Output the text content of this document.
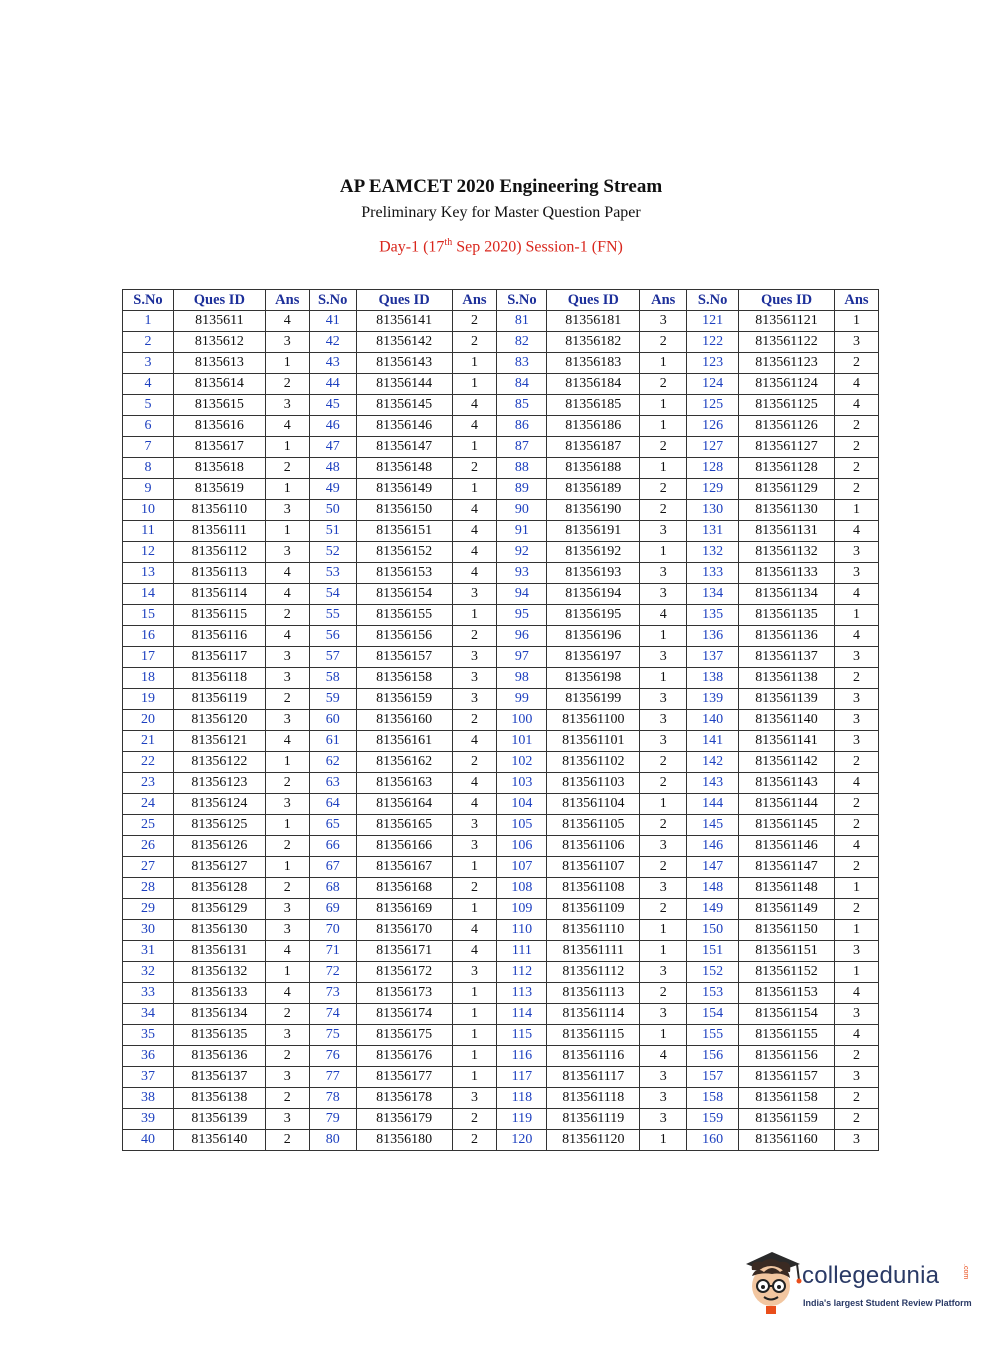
AP EAMCET 2020 Engineering Stream
Preliminary Key for Master Question Paper
Day-1 (17th Sep 2020) Session-1 (FN)
S.No	Ques ID	Ans	S.No	Ques ID	Ans	S.No	Ques ID	Ans	S.No	Ques ID	Ans
1	8135611	4	41	81356141	2	81	81356181	3	121	813561121	1
2	8135612	3	42	81356142	2	82	81356182	2	122	813561122	3
3	8135613	1	43	81356143	1	83	81356183	1	123	813561123	2
4	8135614	2	44	81356144	1	84	81356184	2	124	813561124	4
5	8135615	3	45	81356145	4	85	81356185	1	125	813561125	4
6	8135616	4	46	81356146	4	86	81356186	1	126	813561126	2
7	8135617	1	47	81356147	1	87	81356187	2	127	813561127	2
8	8135618	2	48	81356148	2	88	81356188	1	128	813561128	2
9	8135619	1	49	81356149	1	89	81356189	2	129	813561129	2
10	81356110	3	50	81356150	4	90	81356190	2	130	813561130	1
11	81356111	1	51	81356151	4	91	81356191	3	131	813561131	4
12	81356112	3	52	81356152	4	92	81356192	1	132	813561132	3
13	81356113	4	53	81356153	4	93	81356193	3	133	813561133	3
14	81356114	4	54	81356154	3	94	81356194	3	134	813561134	4
15	81356115	2	55	81356155	1	95	81356195	4	135	813561135	1
16	81356116	4	56	81356156	2	96	81356196	1	136	813561136	4
17	81356117	3	57	81356157	3	97	81356197	3	137	813561137	3
18	81356118	3	58	81356158	3	98	81356198	1	138	813561138	2
19	81356119	2	59	81356159	3	99	81356199	3	139	813561139	3
20	81356120	3	60	81356160	2	100	813561100	3	140	813561140	3
21	81356121	4	61	81356161	4	101	813561101	3	141	813561141	3
22	81356122	1	62	81356162	2	102	813561102	2	142	813561142	2
23	81356123	2	63	81356163	4	103	813561103	2	143	813561143	4
24	81356124	3	64	81356164	4	104	813561104	1	144	813561144	2
25	81356125	1	65	81356165	3	105	813561105	2	145	813561145	2
26	81356126	2	66	81356166	3	106	813561106	3	146	813561146	4
27	81356127	1	67	81356167	1	107	813561107	2	147	813561147	2
28	81356128	2	68	81356168	2	108	813561108	3	148	813561148	1
29	81356129	3	69	81356169	1	109	813561109	2	149	813561149	2
30	81356130	3	70	81356170	4	110	813561110	1	150	813561150	1
31	81356131	4	71	81356171	4	111	813561111	1	151	813561151	3
32	81356132	1	72	81356172	3	112	813561112	3	152	813561152	1
33	81356133	4	73	81356173	1	113	813561113	2	153	813561153	4
34	81356134	2	74	81356174	1	114	813561114	3	154	813561154	3
35	81356135	3	75	81356175	1	115	813561115	1	155	813561155	4
36	81356136	2	76	81356176	1	116	813561116	4	156	813561156	2
37	81356137	3	77	81356177	1	117	813561117	3	157	813561157	3
38	81356138	2	78	81356178	3	118	813561118	3	158	813561158	2
39	81356139	3	79	81356179	2	119	813561119	3	159	813561159	2
40	81356140	2	80	81356180	2	120	813561120	1	160	813561160	3
collegedunia	.com
India's largest Student Review Platform
